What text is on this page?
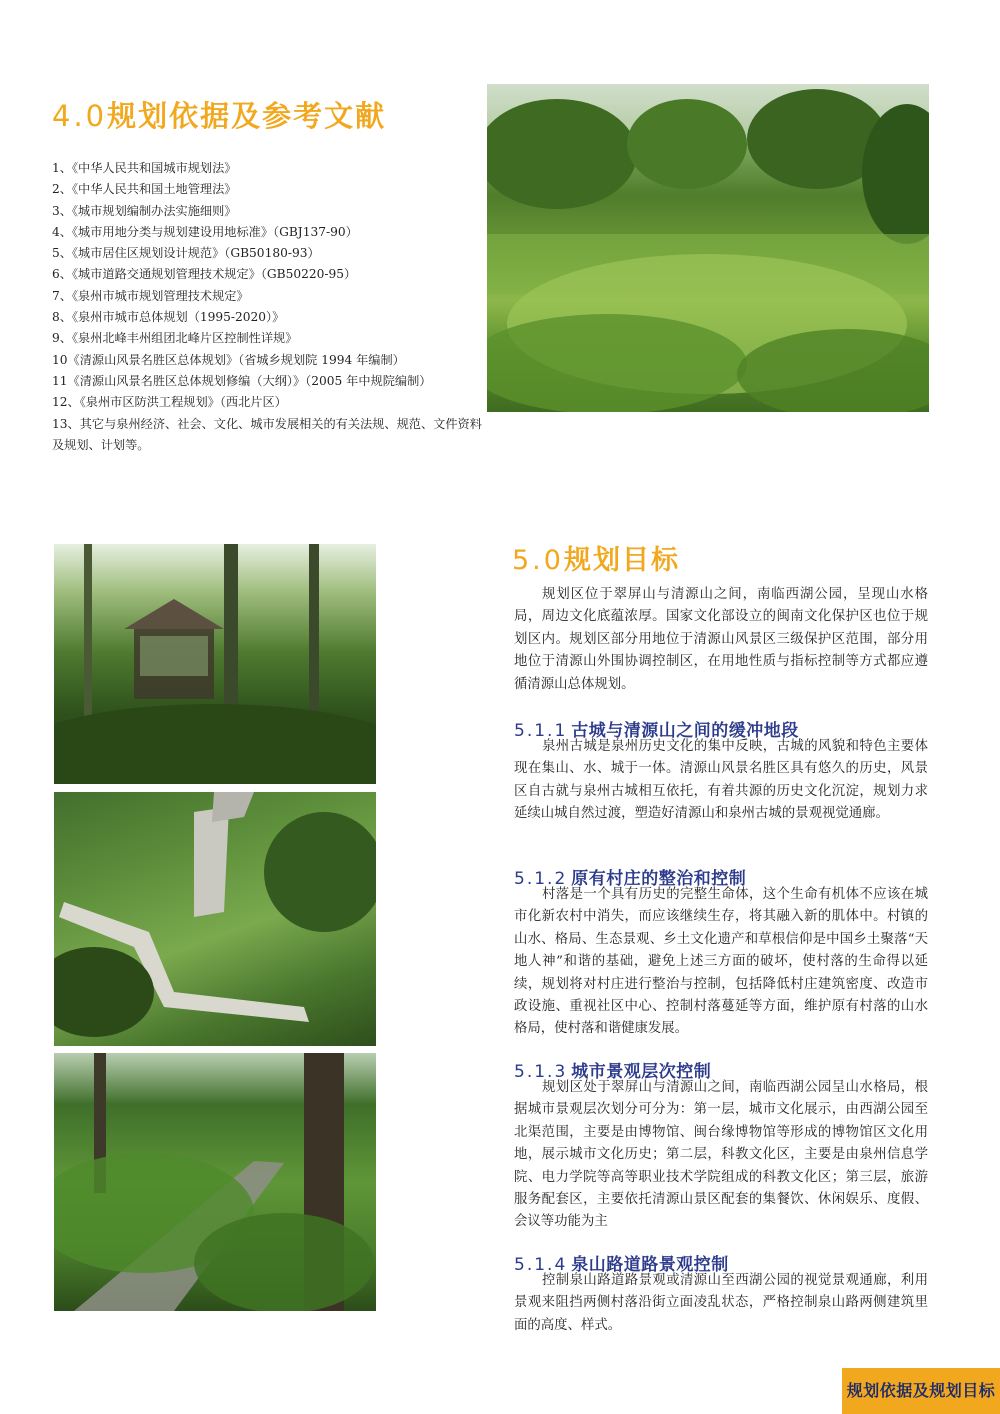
4.0规划依据及参考文献
1、《中华人民共和国城市规划法》
2、《中华人民共和国土地管理法》
3、《城市规划编制办法实施细则》
4、《城市用地分类与规划建设用地标准》（GBJ137-90）
5、《城市居住区规划设计规范》（GB50180-93）
6、《城市道路交通规划管理技术规定》（GB50220-95）
7、《泉州市城市规划管理技术规定》
8、《泉州市城市总体规划（1995-2020）》
9、《泉州北峰丰州组团北峰片区控制性详规》
10《清源山风景名胜区总体规划》（省城乡规划院 1994 年编制）
11《清源山风景名胜区总体规划修编（大纲）》（2005 年中规院编制）
12、《泉州市区防洪工程规划》（西北片区）
13、其它与泉州经济、社会、文化、城市发展相关的有关法规、规范、文件资料及规划、计划等。
5.0规划目标

规划区位于翠屏山与清源山之间，南临西湖公园，呈现山水格局，周边文化底蕴浓厚。国家文化部设立的闽南文化保护区也位于规划区内。规划区部分用地位于清源山风景区三级保护区范围，部分用地位于清源山外围协调控制区，在用地性质与指标控制等方式都应遵循清源山总体规划。

5.1.1 古城与清源山之间的缓冲地段

泉州古城是泉州历史文化的集中反映，古城的风貌和特色主要体现在集山、水、城于一体。清源山风景名胜区具有悠久的历史，风景区自古就与泉州古城相互依托，有着共源的历史文化沉淀，规划力求延续山城自然过渡，塑造好清源山和泉州古城的景观视觉通廊。

5.1.2 原有村庄的整治和控制

村落是一个具有历史的完整生命体，这个生命有机体不应该在城市化新农村中消失，而应该继续生存，将其融入新的肌体中。村镇的山水、格局、生态景观、乡土文化遗产和草根信仰是中国乡土聚落“天地人神”和谐的基础，避免上述三方面的破坏，使村落的生命得以延续，规划将对村庄进行整治与控制，包括降低村庄建筑密度、改造市政设施、重视社区中心、控制村落蔓延等方面，维护原有村落的山水格局，使村落和谐健康发展。

5.1.3 城市景观层次控制

规划区处于翠屏山与清源山之间，南临西湖公园呈山水格局，根据城市景观层次划分可分为：第一层，城市文化展示，由西湖公园至北渠范围，主要是由博物馆、闽台缘博物馆等形成的博物馆区文化用地，展示城市文化历史；第二层，科教文化区，主要是由泉州信息学院、电力学院等高等职业技术学院组成的科教文化区；第三层，旅游服务配套区，主要依托清源山景区配套的集餐饮、休闲娱乐、度假、会议等功能为主

5.1.4 泉山路道路景观控制

控制泉山路道路景观或清源山至西湖公园的视觉景观通廊，利用景观来阻挡两侧村落沿街立面凌乱状态，严格控制泉山路两侧建筑里面的高度、样式。

规划依据及规划目标
